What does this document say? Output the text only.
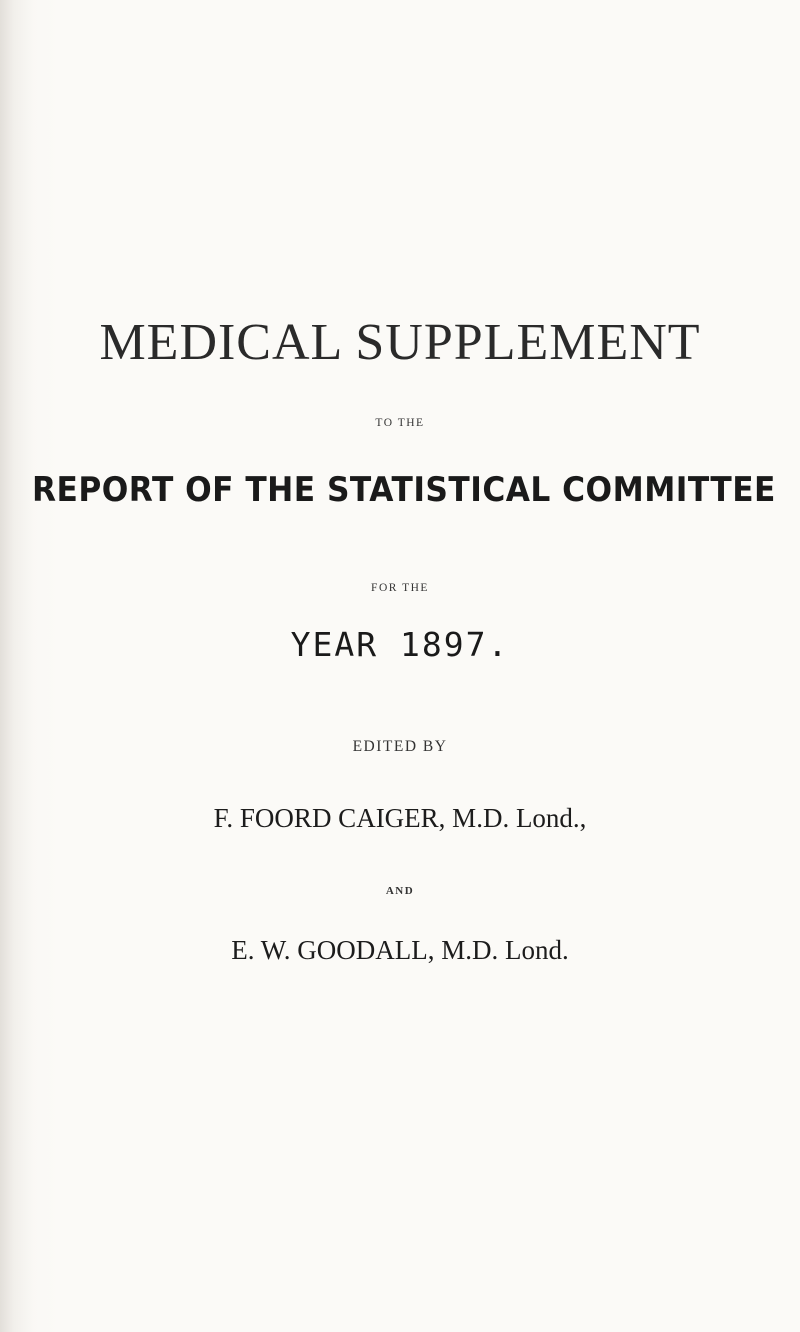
MEDICAL SUPPLEMENT
TO THE
REPORT OF THE STATISTICAL COMMITTEE
FOR THE
YEAR 1897.
EDITED BY
F. FOORD CAIGER, M.D. Lond.,
AND
E. W. GOODALL, M.D. Lond.
